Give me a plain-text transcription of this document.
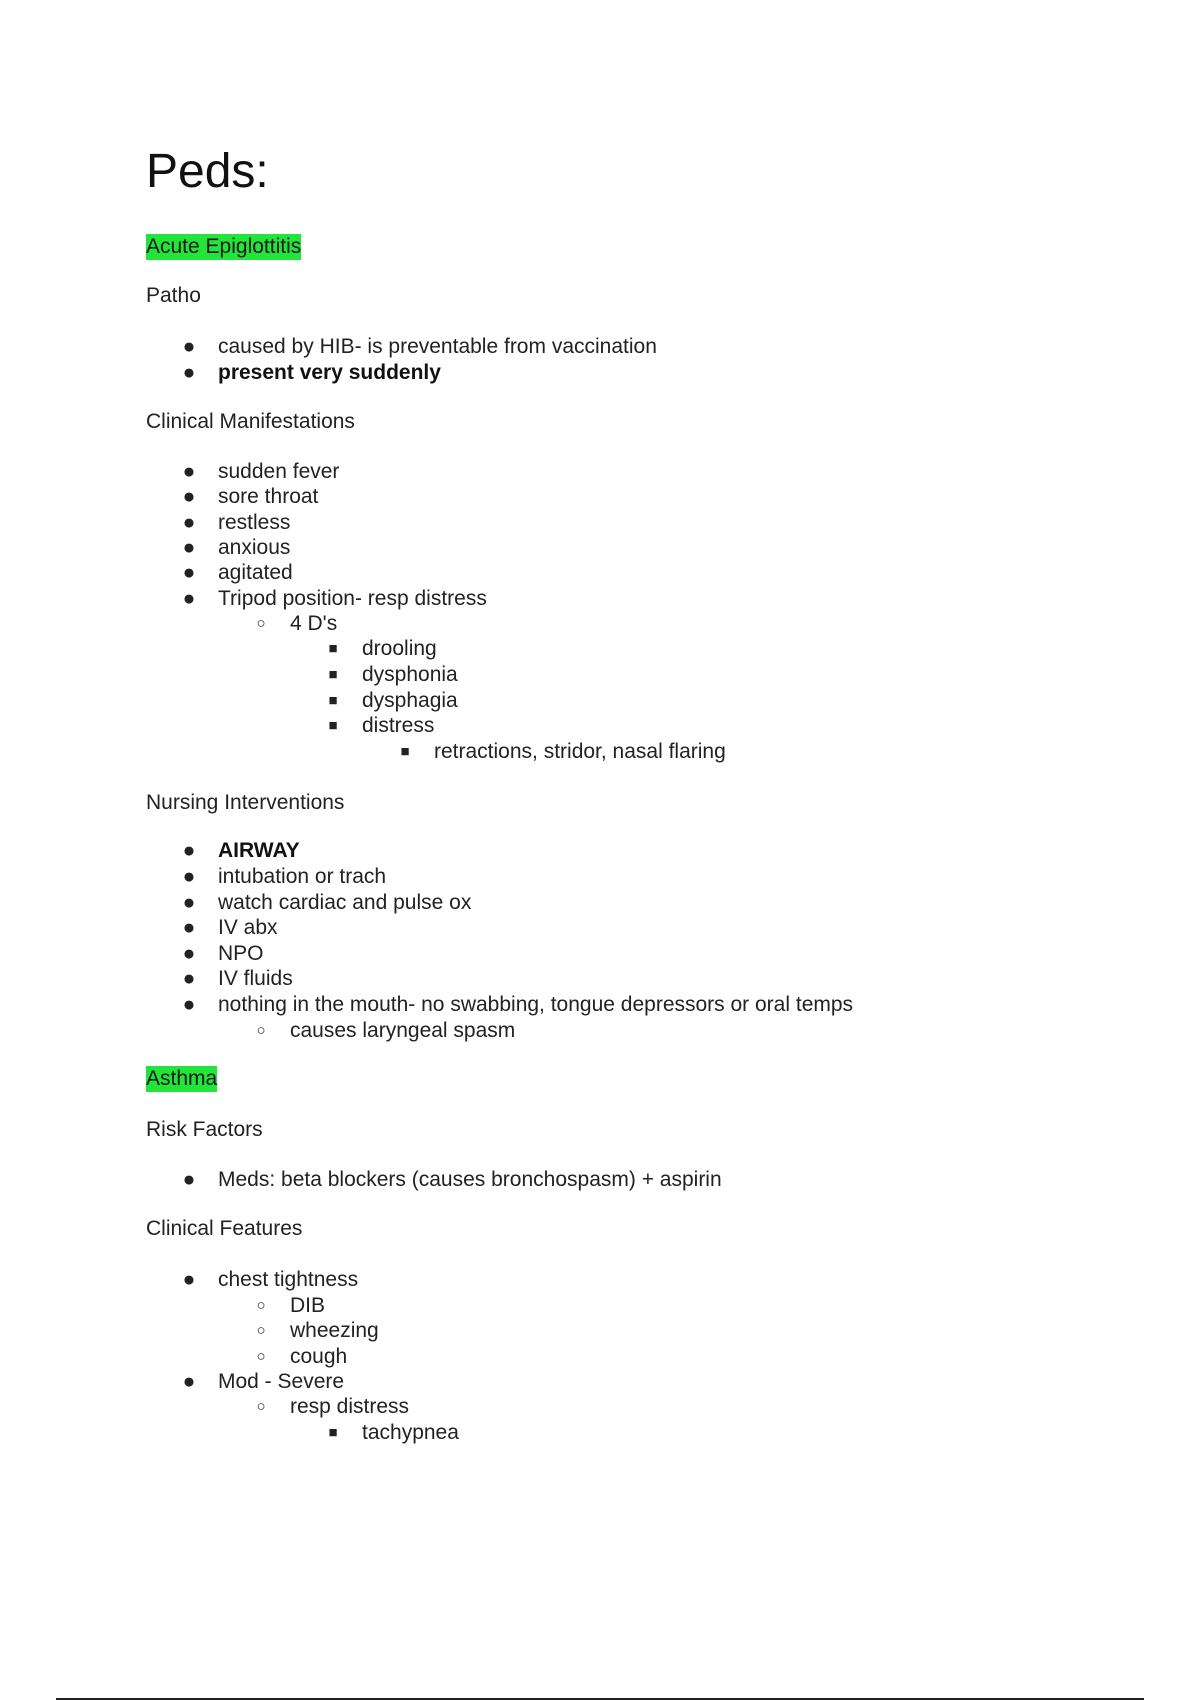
Peds:
Acute Epiglottitis
Patho
● caused by HIB- is preventable from vaccination
● present very suddenly
Clinical Manifestations
● sudden fever
● sore throat
● restless
● anxious
● agitated
● Tripod position- resp distress
○ 4 D's
■ drooling
■ dysphonia
■ dysphagia
■ distress
■ retractions, stridor, nasal flaring
Nursing Interventions
● AIRWAY
● intubation or trach
● watch cardiac and pulse ox
● IV abx
● NPO
● IV fluids
● nothing in the mouth- no swabbing, tongue depressors or oral temps
○ causes laryngeal spasm
Asthma
Risk Factors
● Meds: beta blockers (causes bronchospasm) + aspirin
Clinical Features
● chest tightness
○ DIB
○ wheezing
○ cough
● Mod - Severe
○ resp distress
■ tachypnea
